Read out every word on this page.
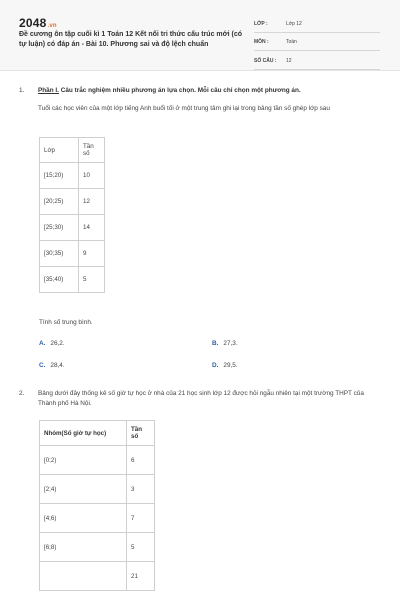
2048.vn
Đề cương ôn tập cuối kì 1 Toán 12 Kết nối tri thức cấu trúc mới (có tự luận) có đáp án - Bài 10. Phương sai và độ lệch chuẩn
LỚP :	Lớp 12
MÔN :	Toán
SỐ CÂU :	12
1. Phần I. Câu trắc nghiệm nhiều phương án lựa chọn. Mỗi câu chỉ chọn một phương án.
Tuổi các học viên của một lớp tiếng Anh buổi tối ở một trung tâm ghi lại trong bảng tần số ghép lớp sau
Lớp	Tần số
[15;20)	10
[20;25)	12
[25;30)	14
[30;35)	9
[35;40)	5
Tính số trung bình.
A. 26,2.	B. 27,3.
C. 28,4.	D. 29,5.
2. Bảng dưới đây thống kê số giờ tự học ở nhà của 21 học sinh lớp 12 được hỏi ngẫu nhiên tại một trường THPT của Thành phố Hà Nội.
Nhóm(Số giờ tự học)	Tần số
[0;2)	6
[2;4)	3
[4;6)	7
[6;8)	5
	21
